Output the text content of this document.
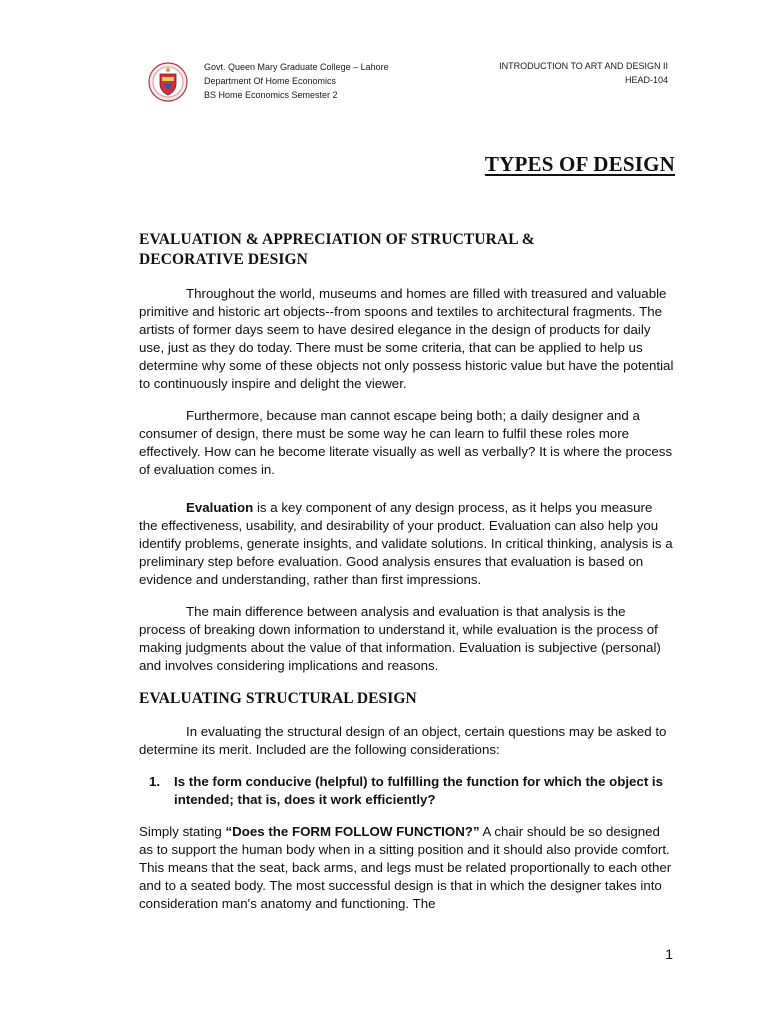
Govt. Queen Mary Graduate College – Lahore
Department Of Home Economics
BS Home Economics Semester 2
INTRODUCTION TO ART AND DESIGN II
HEAD-104
TYPES OF DESIGN
EVALUATION & APPRECIATION OF STRUCTURAL &
DECORATIVE DESIGN

Throughout the world, museums and homes are filled with treasured and valuable primitive and historic art objects--from spoons and textiles to architectural fragments. The artists of former days seem to have desired elegance in the design of products for daily use, just as they do today. There must be some criteria, that can be applied to help us determine why some of these objects not only possess historic value but have the potential to continuously inspire and delight the viewer.

Furthermore, because man cannot escape being both; a daily designer and a consumer of design, there must be some way he can learn to fulfil these roles more effectively. How can he become literate visually as well as verbally? It is where the process of evaluation comes in.

Evaluation is a key component of any design process, as it helps you measure the effectiveness, usability, and desirability of your product. Evaluation can also help you identify problems, generate insights, and validate solutions. In critical thinking, analysis is a preliminary step before evaluation. Good analysis ensures that evaluation is based on evidence and understanding, rather than first impressions.

The main difference between analysis and evaluation is that analysis is the process of breaking down information to understand it, while evaluation is the process of making judgments about the value of that information. Evaluation is subjective (personal) and involves considering implications and reasons.

EVALUATING STRUCTURAL DESIGN

In evaluating the structural design of an object, certain questions may be asked to determine its merit. Included are the following considerations:

1. Is the form conducive (helpful) to fulfilling the function for which the object is intended; that is, does it work efficiently?

Simply stating “Does the FORM FOLLOW FUNCTION?” A chair should be so designed as to support the human body when in a sitting position and it should also provide comfort. This means that the seat, back arms, and legs must be related proportionally to each other and to a seated body. The most successful design is that in which the designer takes into consideration man's anatomy and functioning. The

1
